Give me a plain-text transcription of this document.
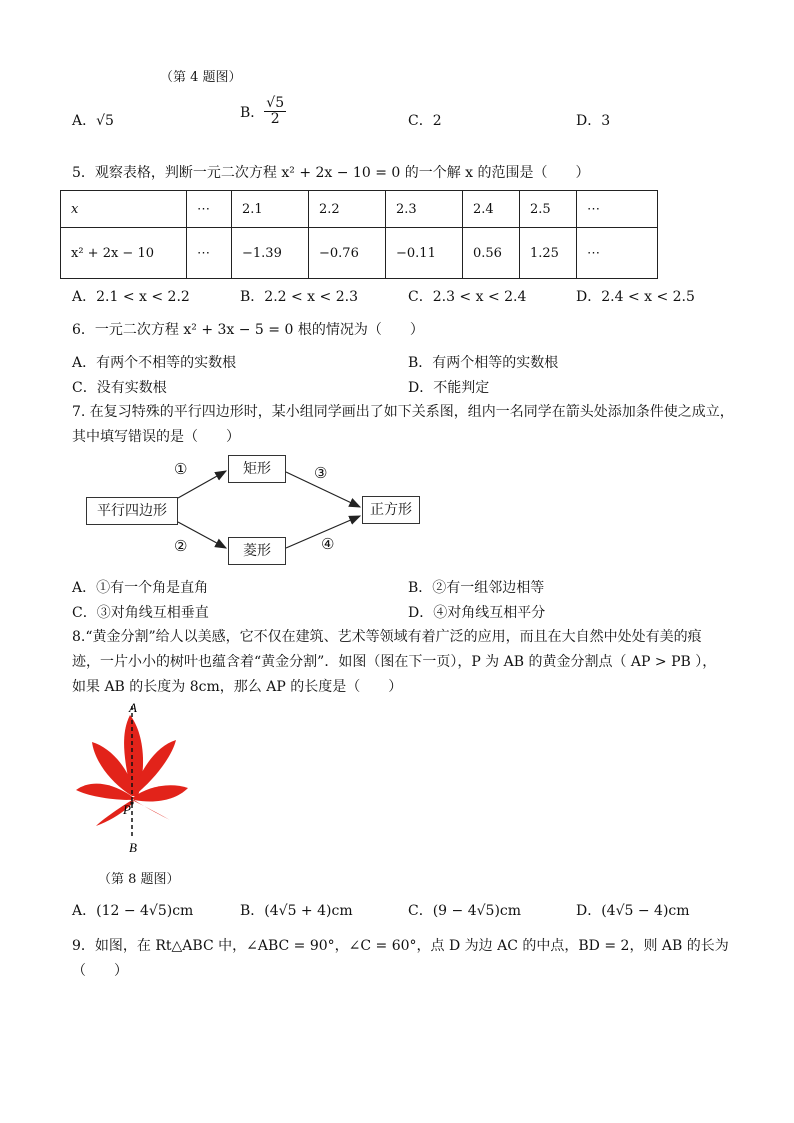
（第 4 题图）
A．√5
B． $\frac{√5}{2}$	C．2	D．3
5．观察表格，判断一元二次方程 x² + 2x − 10 = 0 的一个解 x 的范围是（　　）
x	⋯	2.1	2.2	2.3	2.4	2.5	⋯
x² + 2x − 10	⋯	−1.39	−0.76	−0.11	0.56	1.25	⋯
A．2.1 < x < 2.2	B．2.2 < x < 2.3	C．2.3 < x < 2.4	D．2.4 < x < 2.5
6．一元二次方程 x² + 3x − 5 = 0 根的情况为（　　）
A．有两个不相等的实数根	B．有两个相等的实数根
C．没有实数根	D．不能判定
7. 在复习特殊的平行四边形时，某小组同学画出了如下关系图，组内一名同学在箭头处添加条件使之成立，
其中填写错误的是（　　）
平行四边形
矩形
菱形
正方形
①
②
③
④
A．①有一个角是直角	B．②有一组邻边相等
C．③对角线互相垂直	D．④对角线互相平分
8.“黄金分割”给人以美感，它不仅在建筑、艺术等领域有着广泛的应用，而且在大自然中处处有美的痕
迹，一片小小的树叶也蕴含着“黄金分割”．如图（图在下一页），P 为 AB 的黄金分割点（ AP > PB ），
如果 AB 的长度为 8cm，那么 AP 的长度是（　　）
A
P
B
（第 8 题图）
A．(12 − 4√5)cm	B．(4√5 + 4)cm	C．(9 − 4√5)cm	D．(4√5 − 4)cm
9．如图，在 Rt△ABC 中，∠ABC = 90°，∠C = 60°，点 D 为边 AC 的中点，BD = 2，则 AB 的长为
（　　）
